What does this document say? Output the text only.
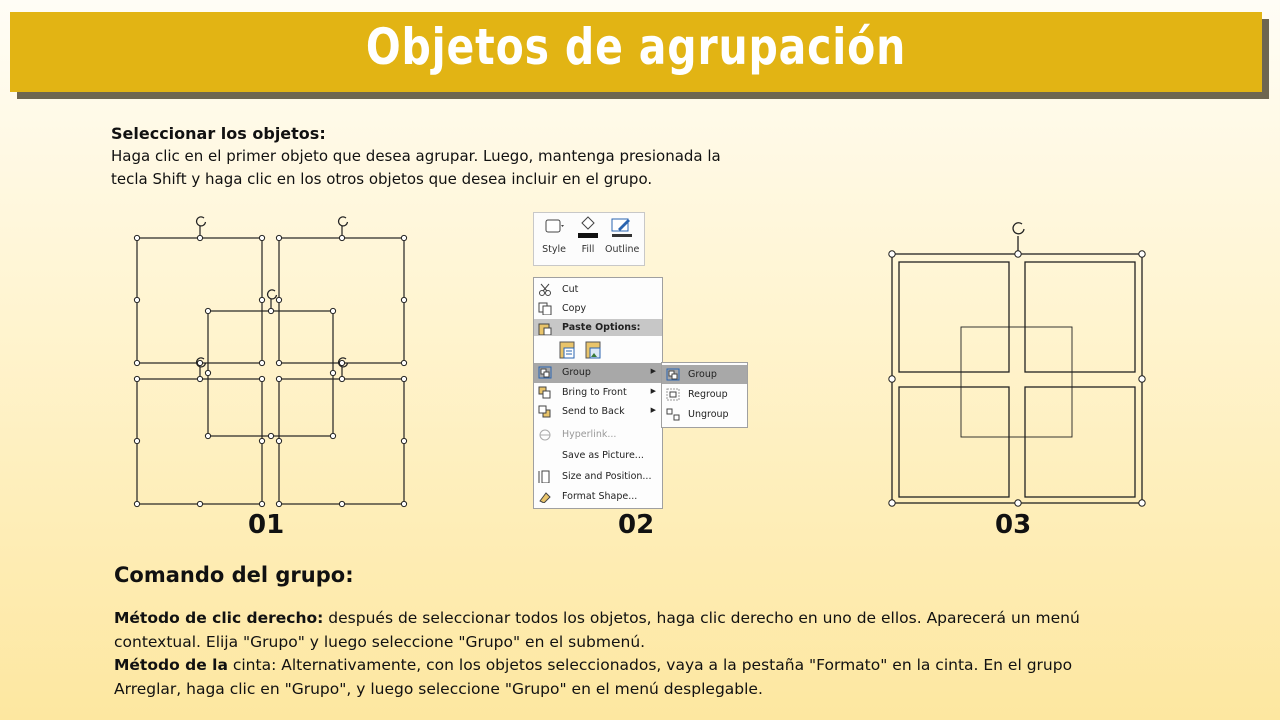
Objetos de agrupación
Seleccionar los objetos:
Haga clic en el primer objeto que desea agrupar. Luego, mantenga presionada la
tecla Shift y haga clic en los otros objetos que desea incluir en el grupo.
01
Style	Fill	Outline
Cut
Copy
Paste Options:
Group	▶
Bring to Front	▶
Send to Back	▶
Hyperlink...
Save as Picture...
Size and Position...
Format Shape...
Group
Regroup
Ungroup
02	03
Comando del grupo:
Método de clic derecho: después de seleccionar todos los objetos, haga clic derecho en uno de ellos. Aparecerá un menú contextual. Elija "Grupo" y luego seleccione "Grupo" en el submenú.
Método de la cinta: Alternativamente, con los objetos seleccionados, vaya a la pestaña "Formato" en la cinta. En el grupo Arreglar, haga clic en "Grupo", y luego seleccione "Grupo" en el menú desplegable.
